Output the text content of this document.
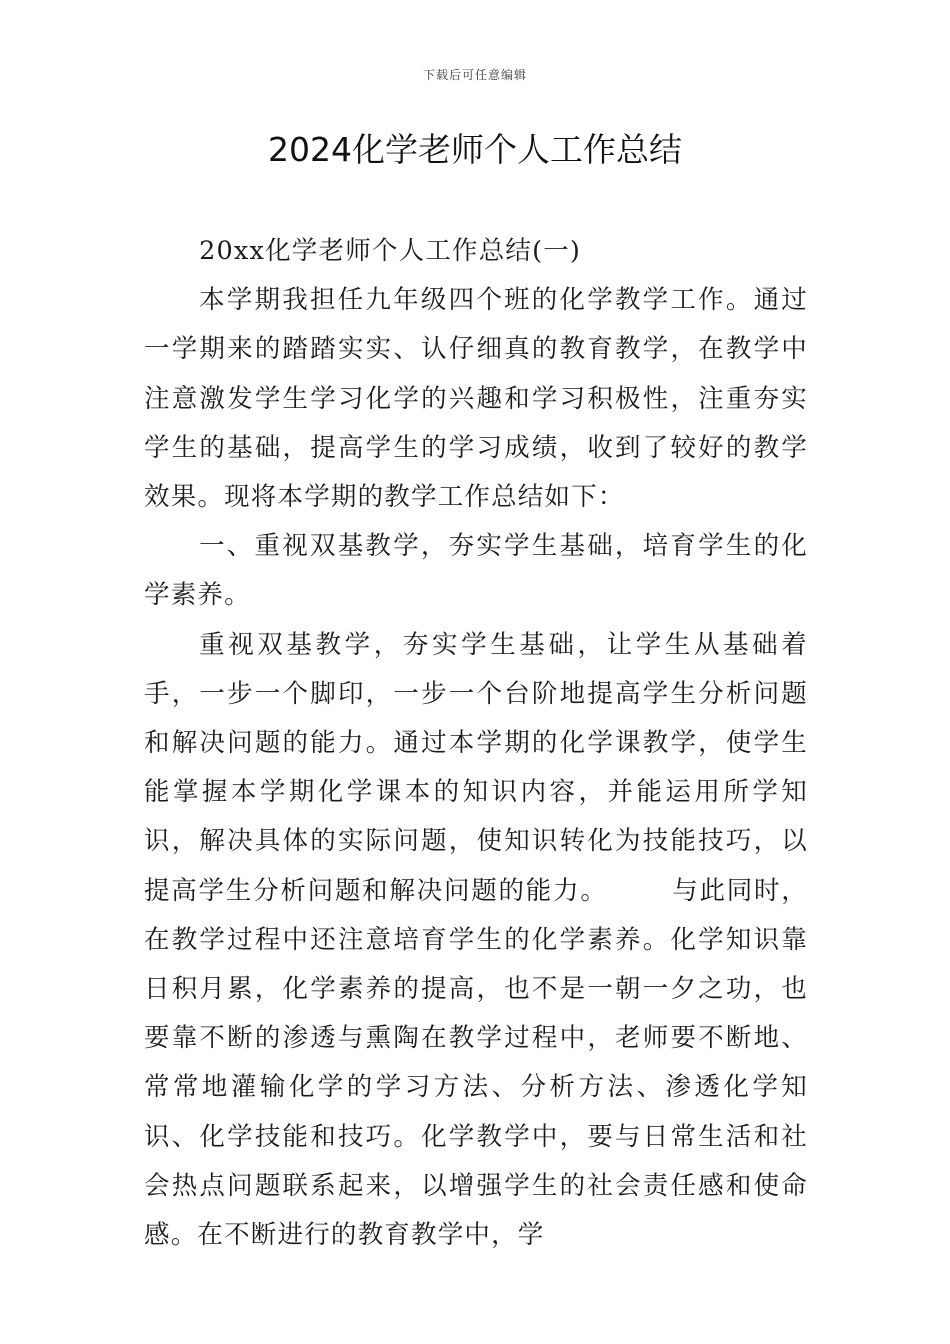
下载后可任意编辑
2024化学老师个人工作总结

20xx化学老师个人工作总结(一)

本学期我担任九年级四个班的化学教学工作。通过一学期来的踏踏实实、认仔细真的教育教学，在教学中注意激发学生学习化学的兴趣和学习积极性，注重夯实学生的基础，提高学生的学习成绩，收到了较好的教学效果。现将本学期的教学工作总结如下：

一、重视双基教学，夯实学生基础，培育学生的化学素养。

重视双基教学，夯实学生基础，让学生从基础着手，一步一个脚印，一步一个台阶地提高学生分析问题和解决问题的能力。通过本学期的化学课教学，使学生能掌握本学期化学课本的知识内容，并能运用所学知识，解决具体的实际问题，使知识转化为技能技巧，以提高学生分析问题和解决问题的能力。	与此同时，在教学过程中还注意培育学生的化学素养。化学知识靠日积月累，化学素养的提高，也不是一朝一夕之功，也要靠不断的渗透与熏陶在教学过程中，老师要不断地、常常地灌输化学的学习方法、分析方法、渗透化学知识、化学技能和技巧。化学教学中，要与日常生活和社会热点问题联系起来，以增强学生的社会责任感和使命感。在不断进行的教育教学中，学
